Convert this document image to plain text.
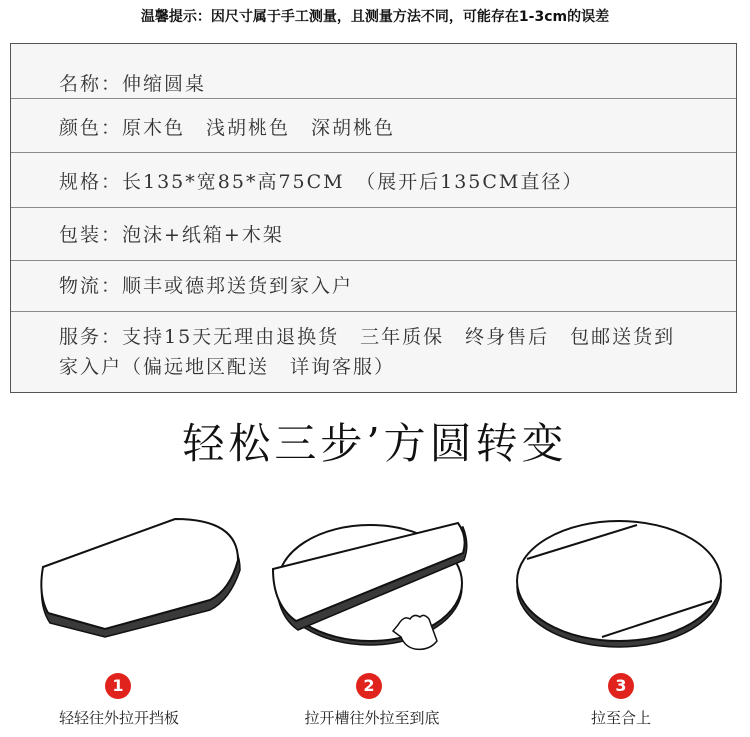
温馨提示：因尺寸属于手工测量，且测量方法不同，可能存在1-3cm的误差
名称：伸缩圆桌
颜色：原木色　浅胡桃色　深胡桃色
规格：长135*宽85*高75CM　（展开后135CM直径）
包装：泡沫+纸箱+木架
物流：顺丰或德邦送货到家入户
服务：支持15天无理由退换货　三年质保　终身售后　包邮送货到
家入户（偏远地区配送　详询客服）
轻松三步’方圆转变
1
轻轻往外拉开挡板
2
拉开槽往外拉至到底
3
拉至合上
